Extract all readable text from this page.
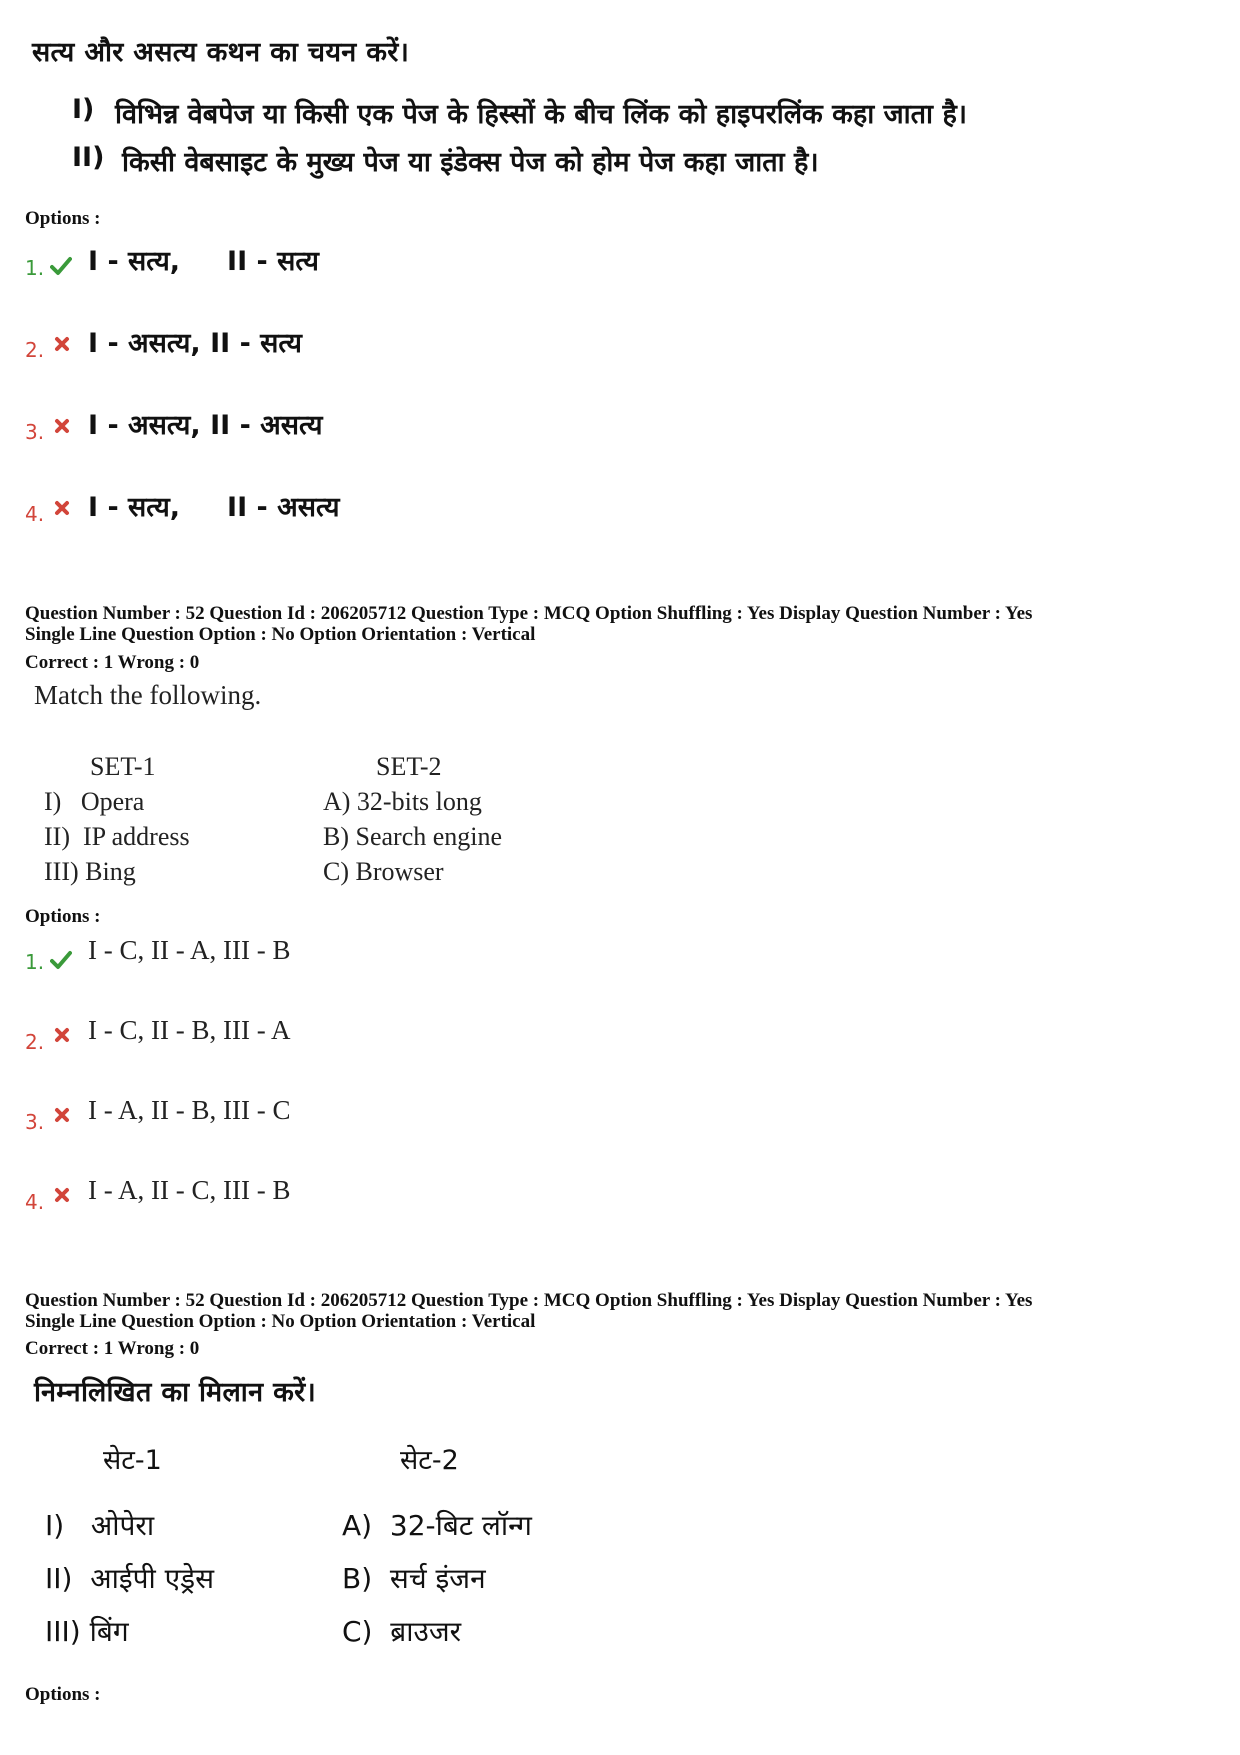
सत्य और असत्य कथन का चयन करें।
I) विभिन्न वेबपेज या किसी एक पेज के हिस्सों के बीच लिंक को हाइपरलिंक कहा जाता है।
II) किसी वेबसाइट के मुख्य पेज या इंडेक्स पेज को होम पेज कहा जाता है।
Options :
1. I - सत्य,     II - सत्य
2. I - असत्य, II - सत्य
3. I - असत्य, II - असत्य
4. I - सत्य,     II - असत्य
Question Number : 52 Question Id : 206205712 Question Type : MCQ Option Shuffling : Yes Display Question Number : Yes
Single Line Question Option : No Option Orientation : Vertical
Correct : 1 Wrong : 0
Match the following.
SET-1	SET-2
I)   Opera
II)  IP address
III) Bing
A) 32-bits long
B) Search engine
C) Browser
Options :
1. I - C, II - A, III - B
2. I - C, II - B, III - A
3. I - A, II - B, III - C
4. I - A, II - C, III - B
Question Number : 52 Question Id : 206205712 Question Type : MCQ Option Shuffling : Yes Display Question Number : Yes
Single Line Question Option : No Option Orientation : Vertical
Correct : 1 Wrong : 0
निम्नलिखित का मिलान करें।
सेट-1	सेट-2
I)   ओपेरा
II)  आईपी एड्रेस
III) बिंग
A)  32-बिट लॉन्ग
B)  सर्च इंजन
C)  ब्राउजर
Options :
